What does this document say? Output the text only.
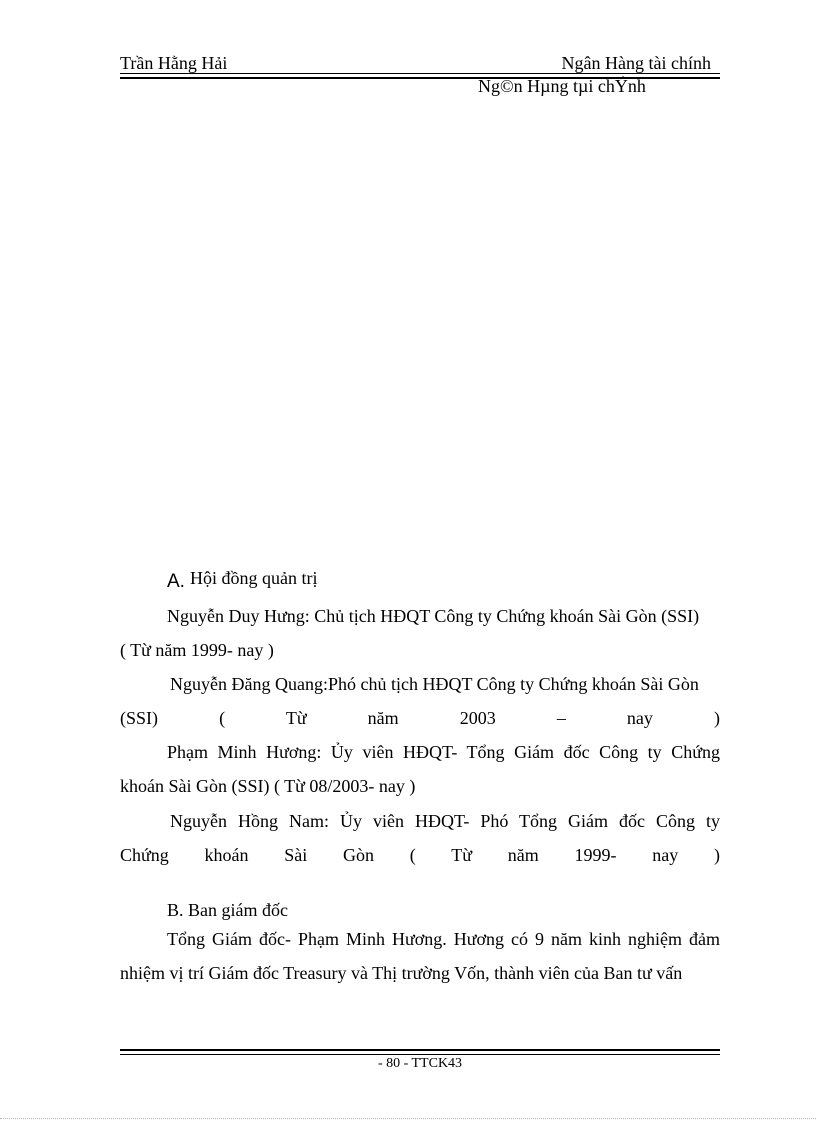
Trần Hằng Hải	Ngân Hàng tài chính
Ng©n Hµng tµi chÝnh
A. Hội đồng quản trị
Nguyễn Duy Hưng: Chủ tịch HĐQT Công ty Chứng khoán Sài Gòn (SSI)
( Từ năm 1999- nay )
Nguyễn Đăng Quang:Phó chủ tịch HĐQT Công ty Chứng khoán Sài Gòn
(SSI) ( Từ năm 2003 – nay )
Phạm Minh Hương: Ủy viên HĐQT- Tổng Giám đốc Công ty Chứng
khoán Sài Gòn (SSI) ( Từ 08/2003- nay )
Nguyễn Hồng Nam: Ủy viên HĐQT- Phó Tổng Giám đốc Công ty
Chứng khoán Sài Gòn ( Từ năm 1999- nay )
B. Ban giám đốc
Tổng Giám đốc- Phạm Minh Hương. Hương có 9 năm kinh nghiệm đảm
nhiệm vị trí Giám đốc Treasury và Thị trường Vốn, thành viên của Ban tư vấn
- 80 - TTCK43
